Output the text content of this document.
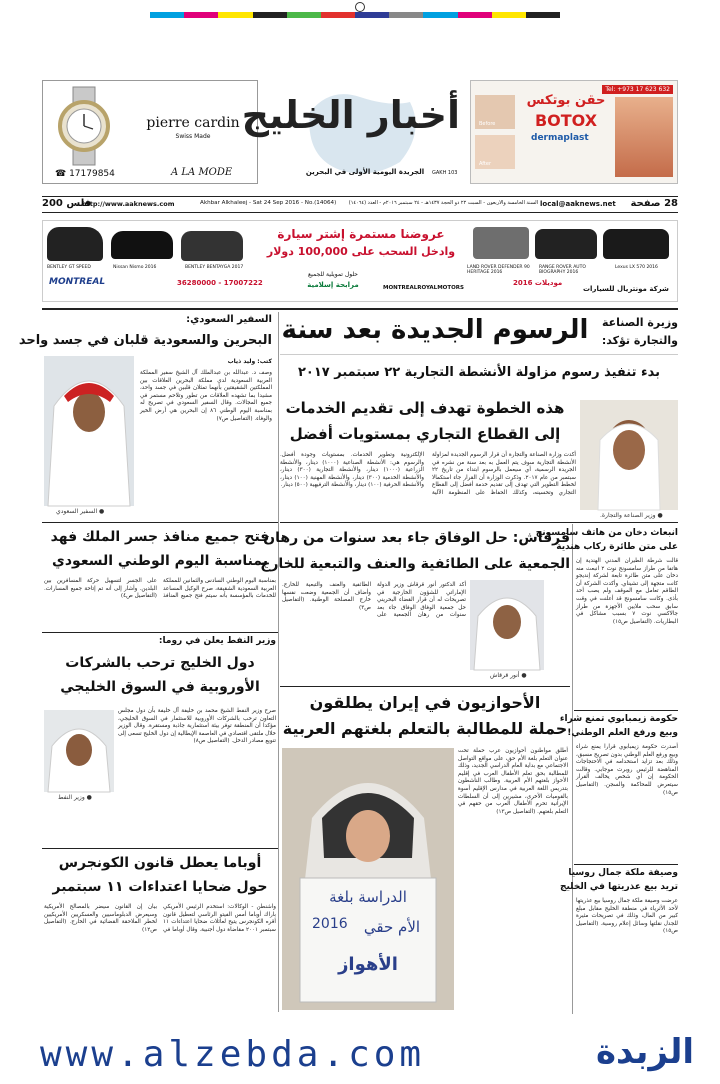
pierre cardin
Swiss Made
☎ 17179854	A LA MODE
أخبار الخليج
الجريدة اليومية الأولى في البحرين	GAKH 103
Tel: +973 17 623 632
حقن بوتكس
BOTOX
dermaplast
Before
After
28 صفحة
local@aaknews.net
السنة الخامسة والاربعون - السبت ٢٢ ذو الحجة ١٤٣٧هـ - ٢٤ سبتمبر ٢٠١٦م - العدد (١٤٠٦٤)
Akhbar Alkhaleej - Sat 24 Sep 2016 - No.(14064)
http://www.aaknews.com
200 فلس
BENTLEY GT SPEED	Nissan Nismo 2016	BENTLEY BENTAYGA 2017
MONTREAL	36280000 - 17007222
عروضنا مستمرة إشتر سيارة
وادخل السحب على 100,000 دولار
حلول تمويلية للجميع
مرابحة إسلامية	MONTREALROYALMOTORS
LAND ROVER DEFENDER 90 HERITAGE 2016
RANGE ROVER AUTO BIOGRAPHY 2016
Lexus LX 570 2016
موديلات 2016
شركة مونتريال للسيارات
وزيرة الصناعة والتجارة تؤكد:
الرسوم الجديدة بعد سنة
بدء تنفيذ رسوم مزاولة الأنشطة التجارية ٢٢ سبتمبر ٢٠١٧
هذه الخطوة تهدف إلى تقديم الخدمات
إلى القطاع التجاري بمستويات أفضل
● وزير الصناعة والتجارة.
أكدت وزارة الصناعة والتجارة أن قرار الرسوم الجديدة لمزاولة الأنشطة التجارية سوف يتم العمل به بعد سنة من نشره في الجريدة الرسمية، أي سيعمل بالرسوم ابتداء من تاريخ ٢٢ سبتمبر من عام ٢٠١٧. وذكرت الوزارة أن القرار جاء استكمالا لخطط التطوير التي تهدف إلى تقديم خدمة أفضل إلى القطاع التجاري وتحسينه، وكذلك الحفاظ على المنظومة الآلية الإلكترونية وتطوير الخدمات. بمستويات وجودة أفضل. والرسوم هي: الأنشطة الصناعية (١٠٠٠) دينار، والأنشطة الزراعية (١٠٠٠) دينار، والأنشطة التجارية (٣٠٠) دينار، والأنشطة الخدمية (٣٠٠) دينار، والأنشطة المهنية (١٠٠) دينار، والأنشطة الحرفية (١٠٠) دينار، والأنشطة الترفيهية (٥٠٠) دينار.
السفير السعودي:
البحرين والسعودية قلبان في جسد واحد
كتب: وليد ذياب
● السفير السعودي
وصف د. عبدالله بن عبدالملك آل الشيخ سفير المملكة العربية السعودية لدى مملكة البحرين العلاقات بين المملكتين الشقيقتين بأنهما تمثلان قلبين في جسد واحد، مشيدا بما تشهده العلاقات من تطور وتلاحم مستمر في جميع المجالات. وقال السفير السعودي في تصريح له بمناسبة اليوم الوطني ٨٦ إن البحرين هي أرض الخير والوفاء. (التفاصيل ص٧)
فتح جميع منافذ جسر الملك فهد
بمناسبة اليوم الوطني السعودي
بمناسبة اليوم الوطني السادس والثمانين للمملكة العربية السعودية الشقيقة، صرح الوكيل المساعد للخدمات بالمؤسسة بأنه سيتم فتح جميع المنافذ على الجسر لتسهيل حركة المسافرين بين البلدين. وأشار إلى أنه تم إتاحة جميع المسارات. (التفاصيل ص٤)
وزير النفط يعلن في روما:
دول الخليج ترحب بالشركات
الأوروبية في السوق الخليجي
● وزير النفط
صرح وزير النفط الشيخ محمد بن خليفة آل خليفة بأن دول مجلس التعاون ترحب بالشركات الأوروبية للاستثمار في السوق الخليجي، مؤكدا أن المنطقة توفر بيئة استثمارية جاذبة ومستقرة. وقال الوزير خلال ملتقى اقتصادي في العاصمة الإيطالية إن دول الخليج تسعى إلى تنويع مصادر الدخل. (التفاصيل ص٨)
أوباما يعطل قانون الكونجرس
حول ضحايا اعتداءات ١١ سبتمبر
واشنطن - الوكالات: استخدم الرئيس الأمريكي باراك أوباما أمس الفيتو الرئاسي لتعطيل قانون أقره الكونجرس يتيح لعائلات ضحايا اعتداءات ١١ سبتمبر ٢٠٠١ مقاضاة دول أجنبية. وقال أوباما في بيان إن القانون سيضر بالمصالح الأمريكية وسيعرض الدبلوماسيين والعسكريين الأمريكيين لخطر الملاحقة القضائية في الخارج. (التفاصيل ص١٢)
قرقاش: حل الوفاق جاء بعد سنوات من رهان
الجمعية على الطائفية والعنف والتبعية للخارج
● أنور قرقاش
أكد الدكتور أنور قرقاش وزير الدولة الإماراتي للشؤون الخارجية في تصريحات له أن قرار القضاء البحريني حل جمعية الوفاق الوفاق جاء بعد سنوات من رهان الجمعية على الطائفية والعنف والتبعية للخارج. وأضاف أن الجمعية وضعت نفسها خارج المصلحة الوطنية. (التفاصيل ص٣)
الأحوازيون في إيران يطلقون
حملة للمطالبة بالتعلم بلغتهم العربية
الدراسة بلغة
2016	الأم حقي
الأهواز
أطلق مواطنون أحوازيون عرب حملة تحت عنوان التعلم بلغة الأم حق، على مواقع التواصل الاجتماعي مع بداية العام الدراسي الجديد، وذلك للمطالبة بحق تعلم الأطفال العرب في إقليم الأحواز بلغتهم الأم العربية. وطالب الناشطون بتدريس اللغة العربية في مدارس الإقليم أسوة بالقوميات الأخرى، مشيرين إلى أن السلطات الإيرانية تحرم الأطفال العرب من حقهم في التعلم بلغتهم. (التفاصيل ص١٣)
انبعاث دخان من هاتف سامسونج
على متن طائرة ركاب هندية
قالت شرطة الطيران المدني الهندية إن هاتفا من طراز سامسونج نوت ٢ انبعث منه دخان على متن طائرة تابعة لشركة إنديجو كانت متجهة إلى تشيناي. وأكدت الشركة أن الطاقم تعامل مع الموقف ولم يصب أحد بأذى. وكانت سامسونج قد أعلنت في وقت سابق سحب ملايين الأجهزة من طراز جالاكسي نوت ٧ بسبب مشاكل في البطاريات. (التفاصيل ص١٥)
حكومة زيمبابوي تمنع شراء
وبيع ورفع العلم الوطني!
أصدرت حكومة زيمبابوي قرارا يمنع شراء وبيع ورفع العلم الوطني بدون تصريح مسبق، وذلك بعد تزايد استخدامه في الاحتجاجات المناهضة للرئيس روبرت موجابي. وقالت الحكومة إن أي شخص يخالف القرار سيتعرض للمحاكمة والسجن. (التفاصيل ص١٥)
وصيفة ملكة جمال روسيا
تريد بيع عذريتها في الخليج
عرضت وصيفة ملكة جمال روسيا بيع عذريتها لأحد الأثرياء في منطقة الخليج مقابل مبلغ كبير من المال، وذلك في تصريحات مثيرة للجدل نقلتها وسائل إعلام روسية. (التفاصيل ص١٥)
www.alzebda.com	الزبدة
